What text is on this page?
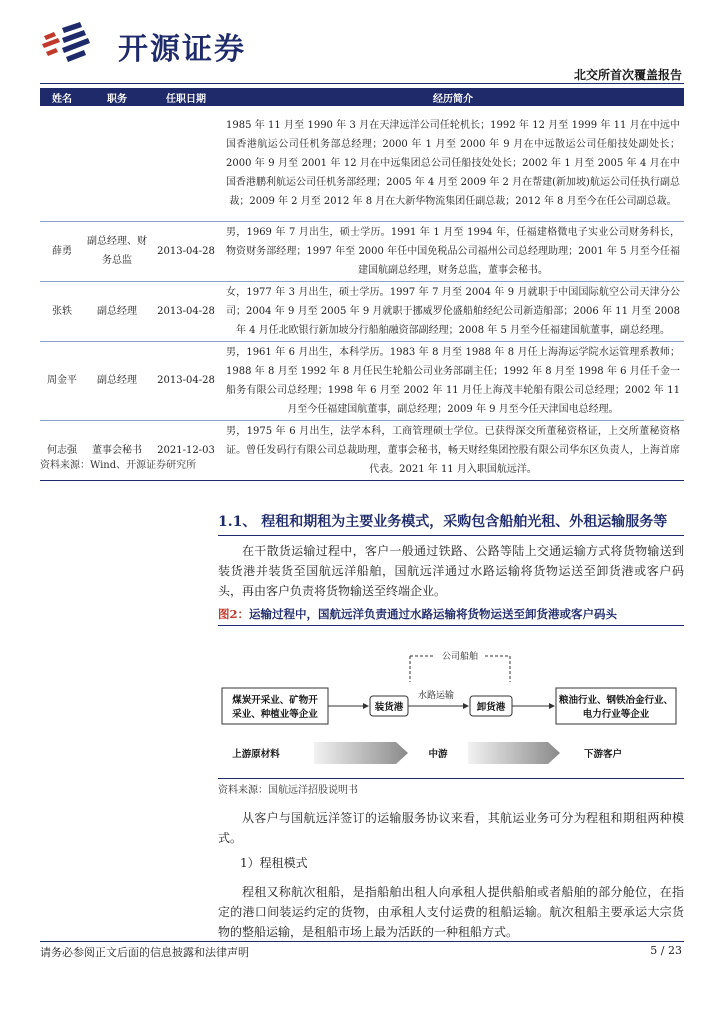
开源证券
北交所首次覆盖报告
姓名	职务	任职日期	经历简介
			1985 年 11 月至 1990 年 3 月在天津远洋公司任轮机长；1992 年 12 月至 1999 年 11 月在中远中国香港航运公司任机务部总经理；2000 年 1 月至 2000 年 9 月在中远散运公司任船技处副处长；2000 年 9 月至 2001 年 12 月在中远集团总公司任船技处处长；2002 年 1 月至 2005 年 4 月在中国香港鹏利航运公司任机务部经理；2005 年 4 月至 2009 年 2 月在帮建(新加坡)航运公司任执行副总裁；2009 年 2 月至 2012 年 8 月在大新华物流集团任副总裁；2012 年 8 月至今在任公司副总裁。
薛勇	副总经理、财务总监	2013-04-28	男，1969 年 7 月出生，硕士学历。1991 年 1 月至 1994 年，任福建格微电子实业公司财务科长，物资财务部经理；1997 年至 2000 年任中国免税品公司福州公司总经理助理；2001 年 5 月至今任福建国航副总经理，财务总监，董事会秘书。
张轶	副总经理	2013-04-28	女，1977 年 3 月出生，硕士学历。1997 年 7 月至 2004 年 9 月就职于中国国际航空公司天津分公司；2004 年 9 月至 2005 年 9 月就职于挪威罗伦盛船舶经纪公司新造船部；2006 年 11 月至 2008 年 4 月任北欧银行新加坡分行船舶融资部副经理；2008 年 5 月至今任福建国航董事，副总经理。
周金平	副总经理	2013-04-28	男，1961 年 6 月出生，本科学历。1983 年 8 月至 1988 年 8 月任上海海运学院水运管理系教师；1988 年 8 月至 1992 年 8 月任民生轮船公司业务部副主任；1992 年 8 月至 1998 年 6 月任千金一船务有限公司总经理；1998 年 6 月至 2002 年 11 月任上海茂丰轮船有限公司总经理；2002 年 11 月至今任福建国航董事，副总经理；2009 年 9 月至今任天津国电总经理。
何志强	董事会秘书	2021-12-03	男，1975 年 6 月出生，法学本科，工商管理硕士学位。已获得深交所董秘资格证，上交所董秘资格证。曾任发码行有限公司总裁助理，董事会秘书，畅天财经集团控股有限公司华东区负责人，上海首席代表。2021 年 11 月入职国航远洋。
资料来源：Wind、开源证券研究所
1.1、 程租和期租为主要业务模式，采购包含船舶光租、外租运输服务等

在干散货运输过程中，客户一般通过铁路、公路等陆上交通运输方式将货物输送到装货港并装货至国航远洋船舶，国航远洋通过水路运输将货物运送至卸货港或客户码头，再由客户负责将货物输送至终端企业。

图2：运输过程中，国航远洋负责通过水路运输将货物运送至卸货港或客户码头
公司船舶
煤炭开采业、矿物开
采业、种植业等企业
装货港
水路运输
卸货港
粮油行业、钢铁冶金行业、
电力行业等企业
上游原材料	中游	下游客户
资料来源：国航远洋招股说明书

从客户与国航远洋签订的运输服务协议来看，其航运业务可分为程租和期租两种模式。

1）程租模式

程租又称航次租船，是指船舶出租人向承租人提供船舶或者船舶的部分舱位，在指定的港口间装运约定的货物，由承租人支付运费的租船运输。航次租船主要承运大宗货物的整船运输，是租船市场上最为活跃的一种租船方式。

请务必参阅正文后面的信息披露和法律声明	5 / 23
